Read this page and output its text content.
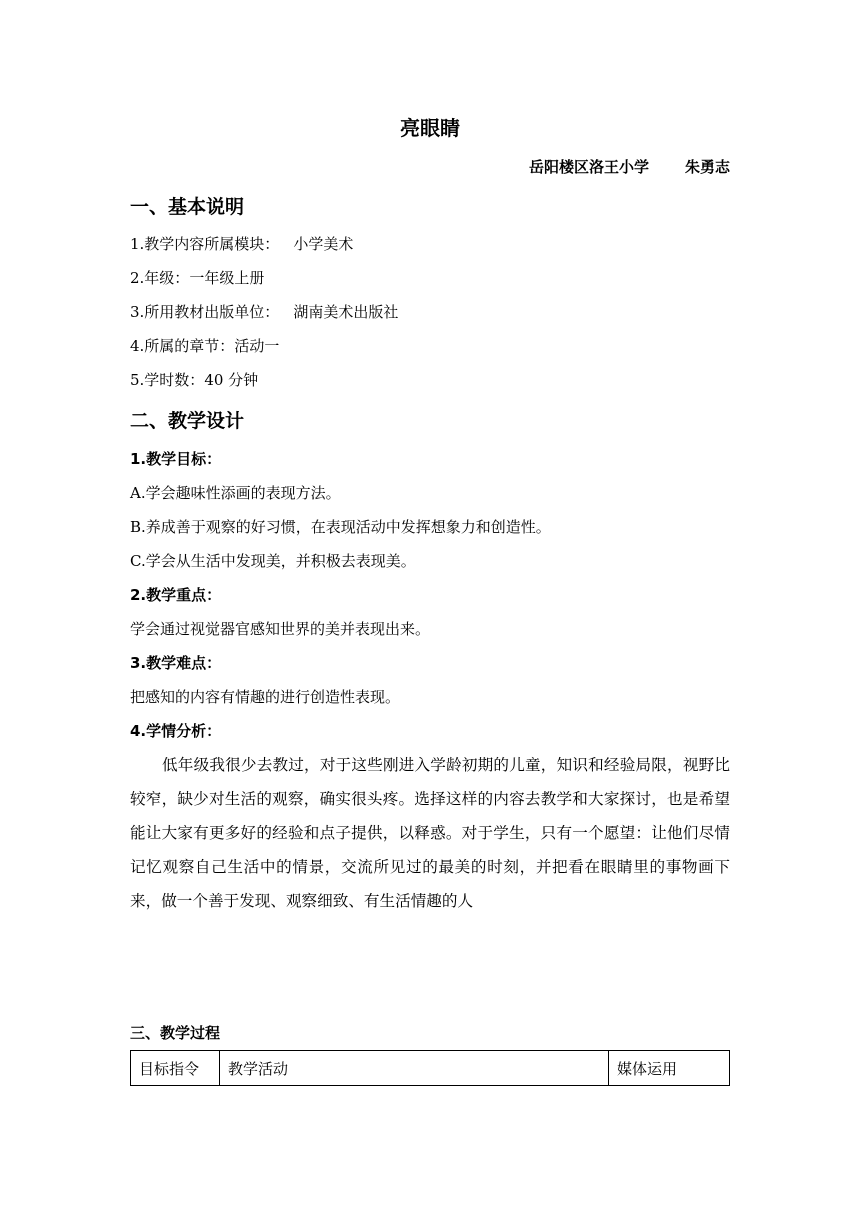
亮眼睛
岳阳楼区洛王小学 朱勇志
一、基本说明
1.教学内容所属模块： 小学美术
2.年级：一年级上册
3.所用教材出版单位： 湖南美术出版社
4.所属的章节：活动一
5.学时数：40 分钟
二、教学设计
1.教学目标：
A.学会趣味性添画的表现方法。
B.养成善于观察的好习惯，在表现活动中发挥想象力和创造性。
C.学会从生活中发现美，并积极去表现美。
2.教学重点：
学会通过视觉器官感知世界的美并表现出来。
3.教学难点：
把感知的内容有情趣的进行创造性表现。
4.学情分析：
低年级我很少去教过，对于这些刚进入学龄初期的儿童，知识和经验局限，视野比较窄，缺少对生活的观察，确实很头疼。选择这样的内容去教学和大家探讨，也是希望能让大家有更多好的经验和点子提供，以释惑。对于学生，只有一个愿望：让他们尽情记忆观察自己生活中的情景，交流所见过的最美的时刻，并把看在眼睛里的事物画下来，做一个善于发现、观察细致、有生活情趣的人
三、教学过程
目标指令	教学活动	媒体运用
